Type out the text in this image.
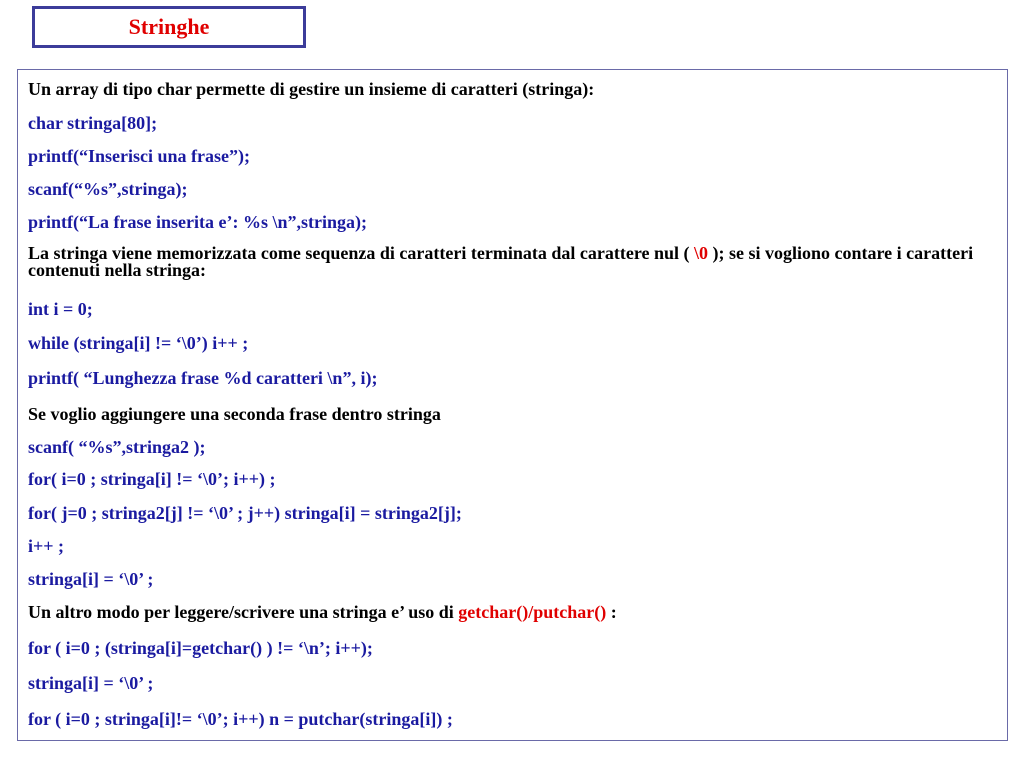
Stringhe

Un array di tipo char permette di gestire un insieme di caratteri (stringa):

char stringa[80];

printf(“Inserisci una frase”);

scanf(“%s”,stringa);

printf(“La frase inserita e’: %s \n”,stringa);

La stringa viene memorizzata come sequenza di caratteri terminata dal carattere nul ( \0 ); se si vogliono contare i caratteri contenuti nella stringa:

int i = 0;

while (stringa[i] != ‘\0’) i++ ;

printf( “Lunghezza frase %d caratteri \n”, i);

Se voglio aggiungere una seconda frase dentro stringa

scanf( “%s”,stringa2 );

for( i=0 ; stringa[i] != ‘\0’; i++) ;

for( j=0 ; stringa2[j] != ‘\0’ ; j++) stringa[i] = stringa2[j];

i++ ;

stringa[i] = ‘\0’ ;

Un altro modo per leggere/scrivere una stringa e’ uso di getchar()/putchar() :

for ( i=0 ; (stringa[i]=getchar() ) != ‘\n’; i++);

stringa[i] = ‘\0’ ;

for ( i=0 ; stringa[i]!= ‘\0’; i++) n = putchar(stringa[i]) ;
